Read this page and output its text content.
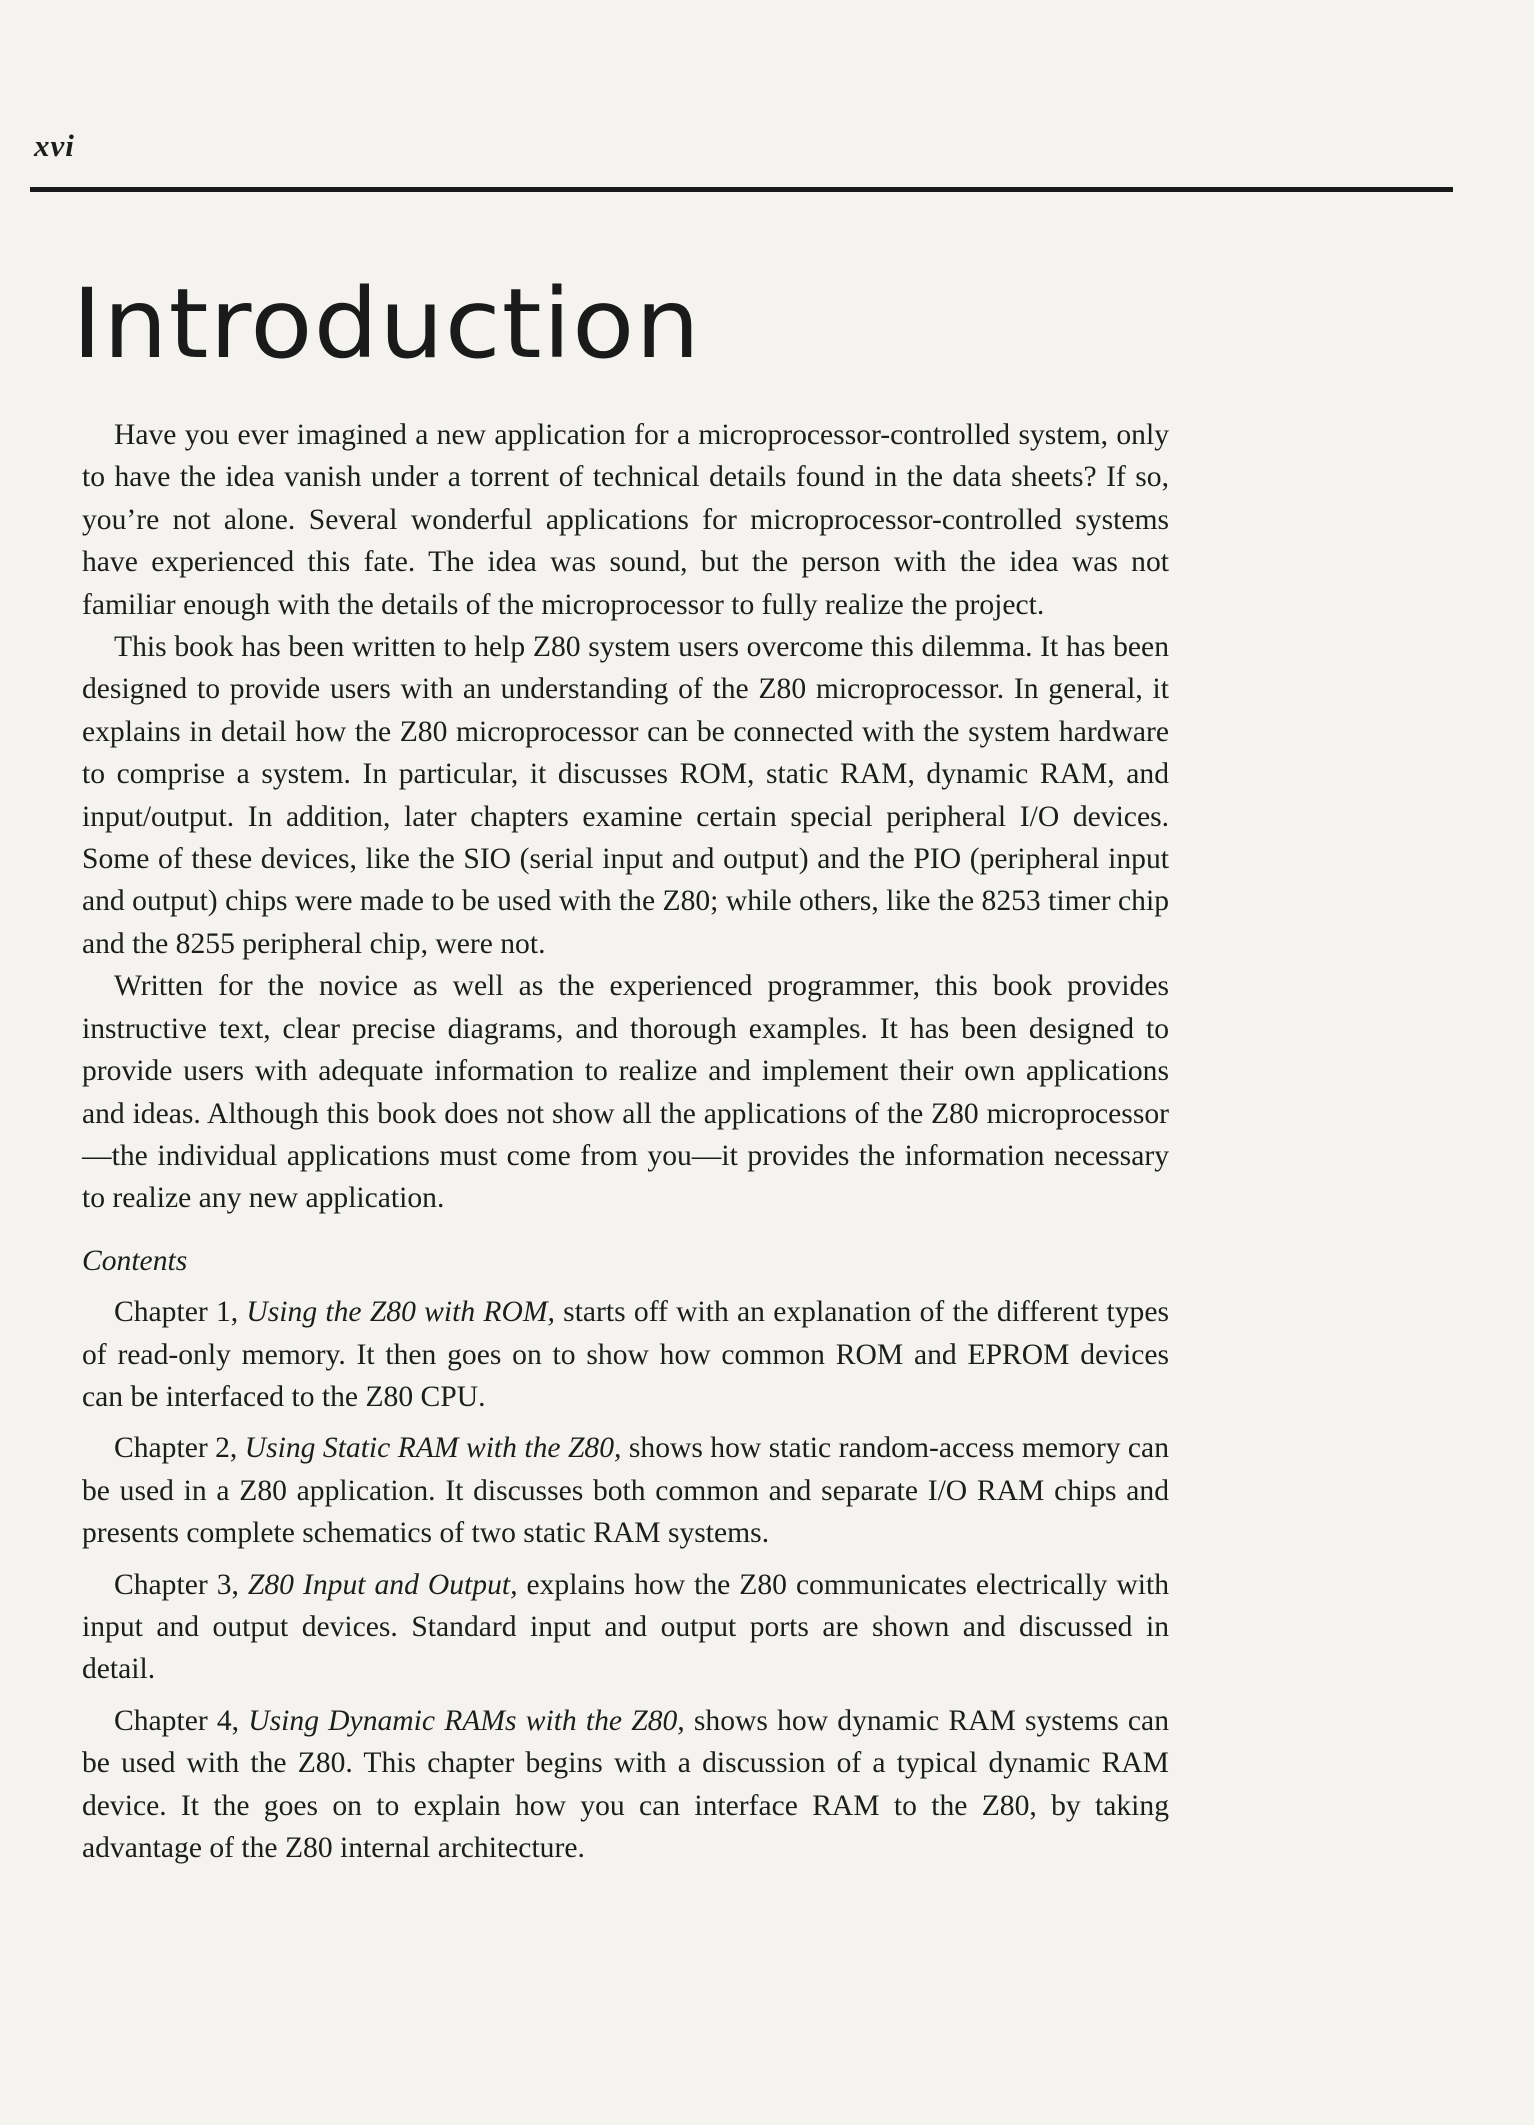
xvi
Introduction

Have you ever imagined a new application for a microprocessor-controlled system, only to have the idea vanish under a torrent of technical details found in the data sheets? If so, you’re not alone. Several wonderful applications for microprocessor-controlled systems have experienced this fate. The idea was sound, but the person with the idea was not familiar enough with the details of the microprocessor to fully realize the project.

This book has been written to help Z80 system users overcome this dilemma. It has been designed to provide users with an understanding of the Z80 microprocessor. In general, it explains in detail how the Z80 microprocessor can be connected with the system hardware to comprise a system. In particular, it discusses ROM, static RAM, dynamic RAM, and input/output. In addition, later chapters examine certain special peripheral I/O devices. Some of these devices, like the SIO (serial input and output) and the PIO (peripheral input and output) chips were made to be used with the Z80; while others, like the 8253 timer chip and the 8255 peripheral chip, were not.

Written for the novice as well as the experienced programmer, this book provides instructive text, clear precise diagrams, and thorough examples. It has been designed to provide users with adequate information to realize and implement their own applications and ideas. Although this book does not show all the applications of the Z80 microprocessor—the individual applications must come from you—it provides the information necessary to realize any new application.

Contents

Chapter 1, Using the Z80 with ROM, starts off with an explanation of the different types of read-only memory. It then goes on to show how common ROM and EPROM devices can be interfaced to the Z80 CPU.

Chapter 2, Using Static RAM with the Z80, shows how static random-access memory can be used in a Z80 application. It discusses both common and separate I/O RAM chips and presents complete schematics of two static RAM systems.

Chapter 3, Z80 Input and Output, explains how the Z80 communicates electrically with input and output devices. Standard input and output ports are shown and discussed in detail.

Chapter 4, Using Dynamic RAMs with the Z80, shows how dynamic RAM systems can be used with the Z80. This chapter begins with a discussion of a typical dynamic RAM device. It the goes on to explain how you can interface RAM to the Z80, by taking advantage of the Z80 internal architecture.
